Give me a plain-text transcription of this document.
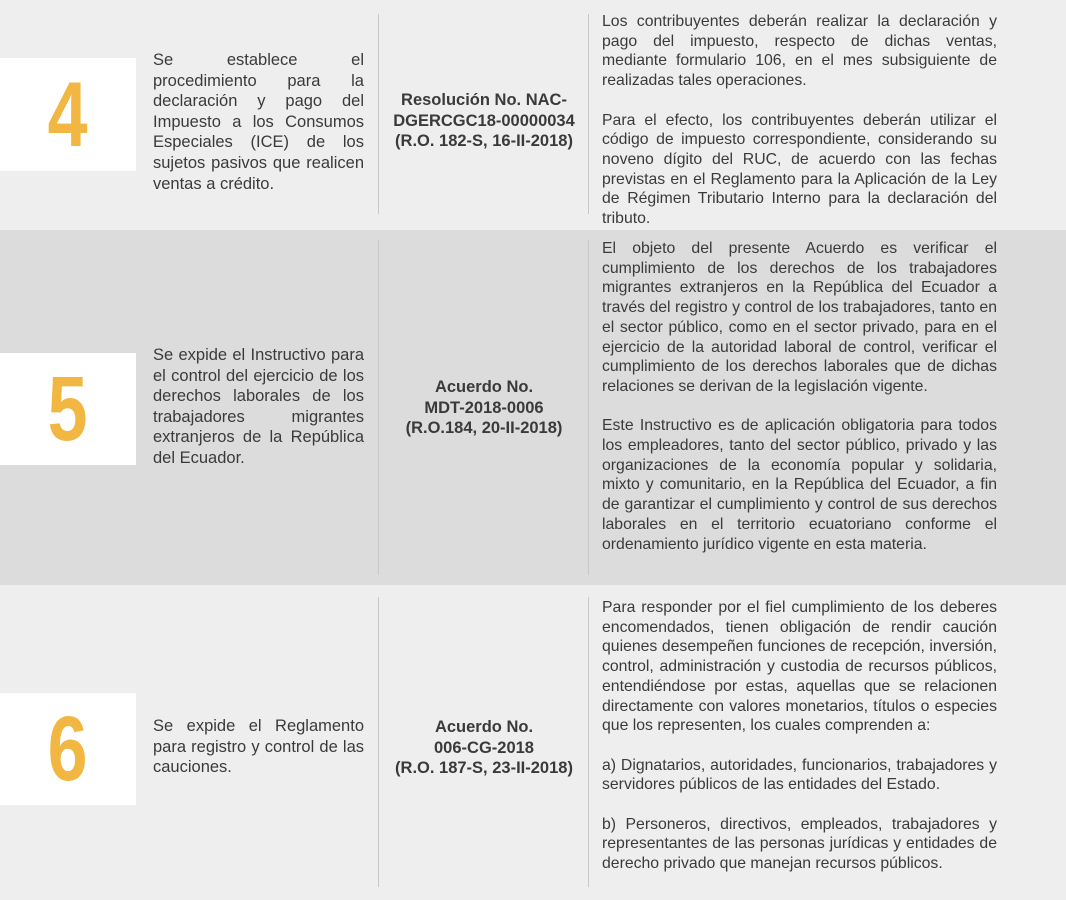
4
Se establece el procedimiento para la declaración y pago del Impuesto a los Consumos Especiales (ICE) de los sujetos pasivos que realicen ventas a crédito.
Resolución No. NAC-
DGERCGC18-00000034
(R.O. 182-S, 16-II-2018)

Los contribuyentes deberán realizar la declaración y pago del impuesto, respecto de dichas ventas, mediante formulario 106, en el mes subsiguiente de realizadas tales operaciones.

Para el efecto, los contribuyentes deberán utilizar el código de impuesto correspondiente, considerando su noveno dígito del RUC, de acuerdo con las fechas previstas en el Reglamento para la Aplicación de la Ley de Régimen Tributario Interno para la declaración del tributo.

5
Se expide el Instructivo para el control del ejercicio de los derechos laborales de los trabajadores migrantes extranjeros de la República del Ecuador.
Acuerdo No.
MDT-2018-0006
(R.O.184, 20-II-2018)

El objeto del presente Acuerdo es verificar el cumplimiento de los derechos de los trabajadores migrantes extranjeros en la República del Ecuador a través del registro y control de los trabajadores, tanto en el sector público, como en el sector privado, para en el ejercicio de la autoridad laboral de control, verificar el cumplimiento de los derechos laborales que de dichas relaciones se derivan de la legislación vigente.

Este Instructivo es de aplicación obligatoria para todos los empleadores, tanto del sector público, privado y las organizaciones de la economía popular y solidaria, mixto y comunitario, en la República del Ecuador, a fin de garantizar el cumplimiento y control de sus derechos laborales en el territorio ecuatoriano conforme el ordenamiento jurídico vigente en esta materia.

6	Se expide el Reglamento para registro y control de las cauciones.
Acuerdo No.
006-CG-2018
(R.O. 187-S, 23-II-2018)

Para responder por el fiel cumplimiento de los deberes encomendados, tienen obligación de rendir caución quienes desempeñen funciones de recepción, inversión, control, administración y custodia de recursos públicos, entendiéndose por estas, aquellas que se relacionen directamente con valores monetarios, títulos o especies que los representen, los cuales comprenden a:

a) Dignatarios, autoridades, funcionarios, trabajadores y servidores públicos de las entidades del Estado.

b) Personeros, directivos, empleados, trabajadores y representantes de las personas jurídicas y entidades de derecho privado que manejan recursos públicos.
